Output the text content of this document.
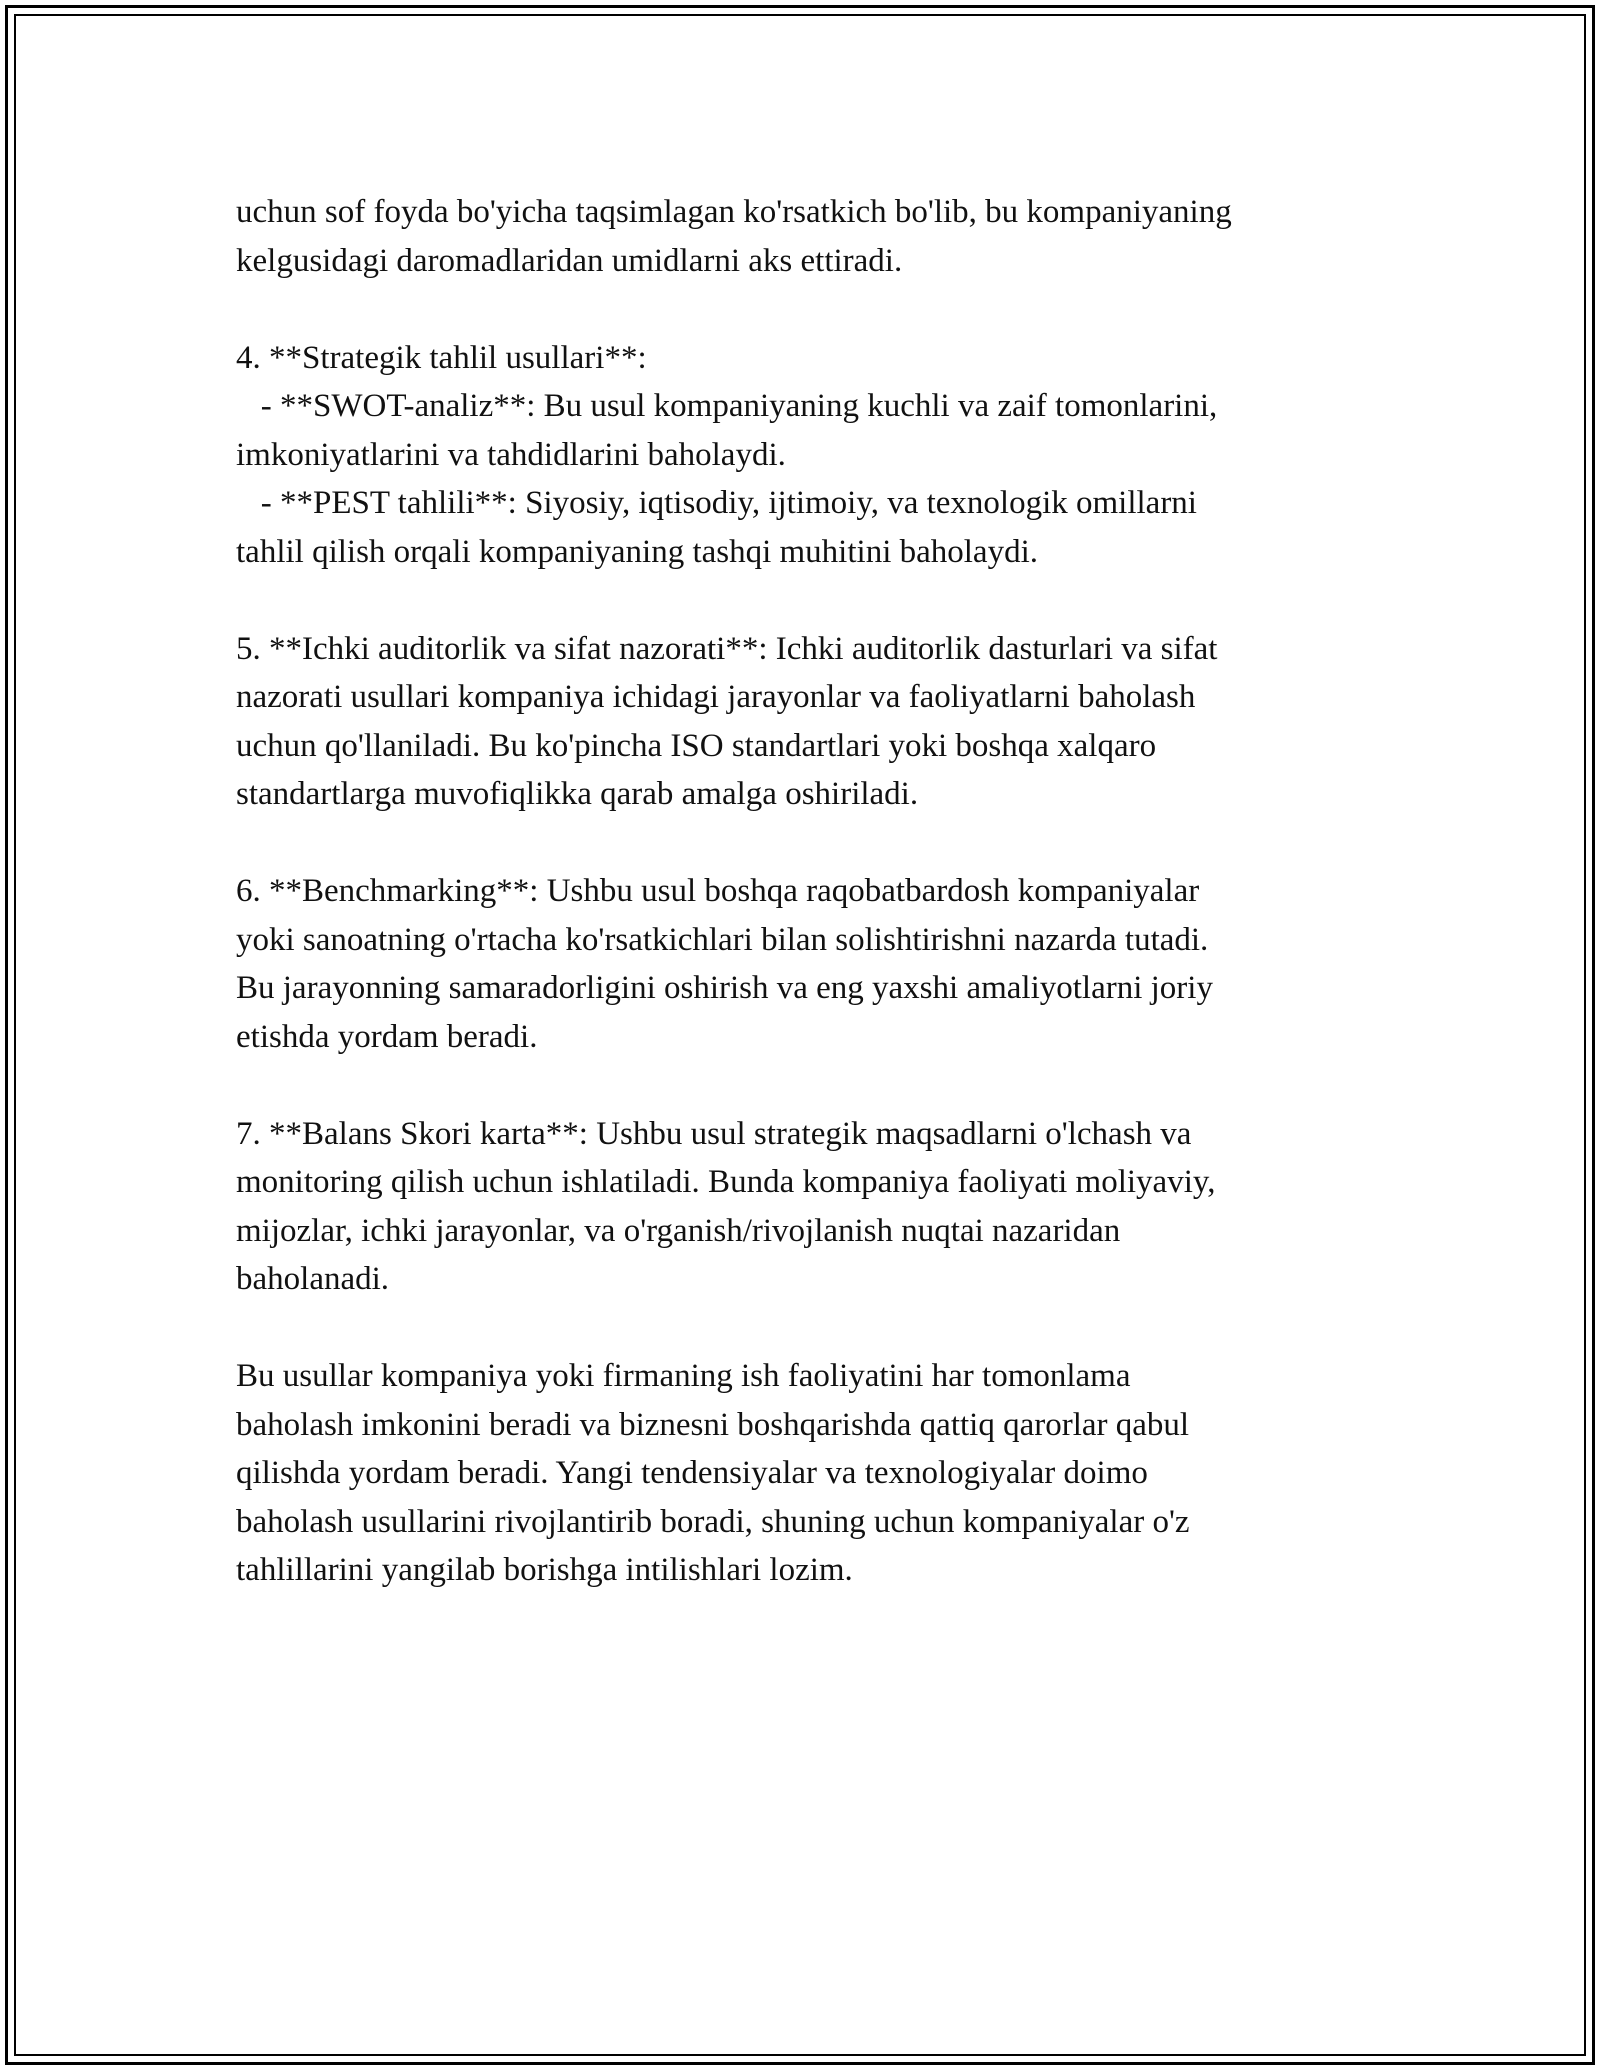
uchun sof foyda bo'yicha taqsimlagan ko'rsatkich bo'lib, bu kompaniyaning
kelgusidagi daromadlaridan umidlarni aks ettiradi.
4. **Strategik tahlil usullari**:
- **SWOT-analiz**: Bu usul kompaniyaning kuchli va zaif tomonlarini,
imkoniyatlarini va tahdidlarini baholaydi.
- **PEST tahlili**: Siyosiy, iqtisodiy, ijtimoiy, va texnologik omillarni
tahlil qilish orqali kompaniyaning tashqi muhitini baholaydi.
5. **Ichki auditorlik va sifat nazorati**: Ichki auditorlik dasturlari va sifat
nazorati usullari kompaniya ichidagi jarayonlar va faoliyatlarni baholash
uchun qo'llaniladi. Bu ko'pincha ISO standartlari yoki boshqa xalqaro
standartlarga muvofiqlikka qarab amalga oshiriladi.
6. **Benchmarking**: Ushbu usul boshqa raqobatbardosh kompaniyalar
yoki sanoatning o'rtacha ko'rsatkichlari bilan solishtirishni nazarda tutadi.
Bu jarayonning samaradorligini oshirish va eng yaxshi amaliyotlarni joriy
etishda yordam beradi.
7. **Balans Skori karta**: Ushbu usul strategik maqsadlarni o'lchash va
monitoring qilish uchun ishlatiladi. Bunda kompaniya faoliyati moliyaviy,
mijozlar, ichki jarayonlar, va o'rganish/rivojlanish nuqtai nazaridan
baholanadi.
Bu usullar kompaniya yoki firmaning ish faoliyatini har tomonlama
baholash imkonini beradi va biznesni boshqarishda qattiq qarorlar qabul
qilishda yordam beradi. Yangi tendensiyalar va texnologiyalar doimo
baholash usullarini rivojlantirib boradi, shuning uchun kompaniyalar o'z
tahlillarini yangilab borishga intilishlari lozim.
